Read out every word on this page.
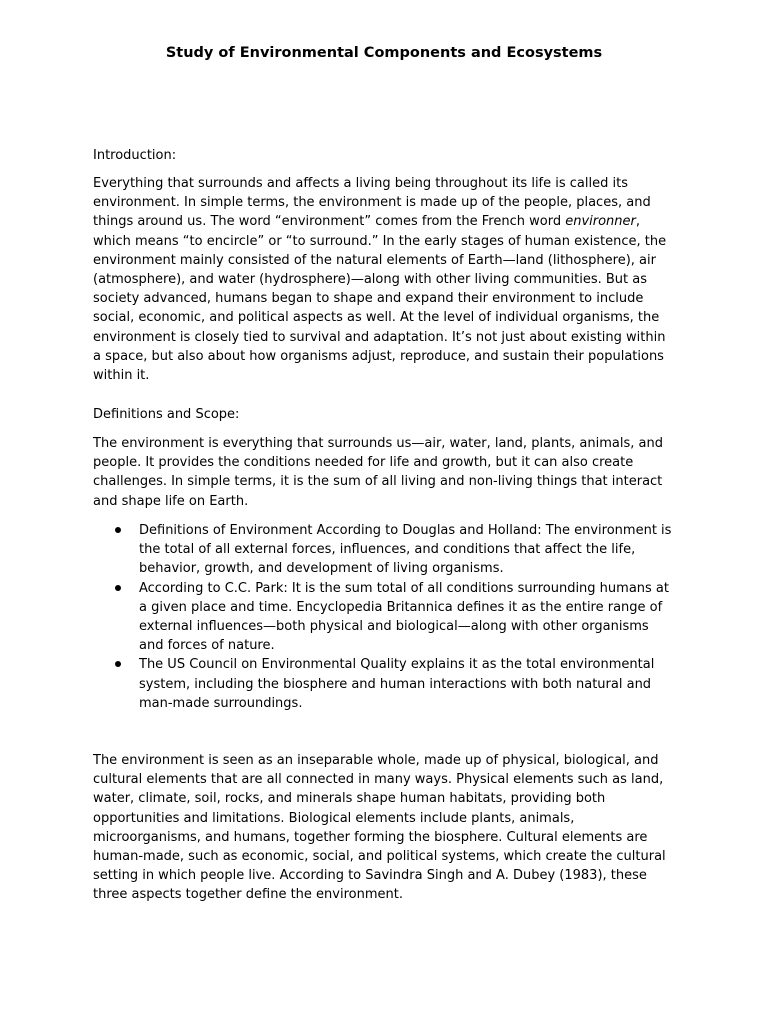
Study of Environmental Components and Ecosystems

Introduction:

Everything that surrounds and affects a living being throughout its life is called its environment. In simple terms, the environment is made up of the people, places, and things around us. The word “environment” comes from the French word environner, which means “to encircle” or “to surround.” In the early stages of human existence, the environment mainly consisted of the natural elements of Earth—land (lithosphere), air (atmosphere), and water (hydrosphere)—along with other living communities. But as society advanced, humans began to shape and expand their environment to include social, economic, and political aspects as well. At the level of individual organisms, the environment is closely tied to survival and adaptation. It’s not just about existing within a space, but also about how organisms adjust, reproduce, and sustain their populations within it.

Definitions and Scope:

The environment is everything that surrounds us—air, water, land, plants, animals, and people. It provides the conditions needed for life and growth, but it can also create challenges. In simple terms, it is the sum of all living and non-living things that interact and shape life on Earth.

Definitions of Environment According to Douglas and Holland: The environment is the total of all external forces, influences, and conditions that affect the life, behavior, growth, and development of living organisms.
According to C.C. Park: It is the sum total of all conditions surrounding humans at a given place and time. Encyclopedia Britannica defines it as the entire range of external influences—both physical and biological—along with other organisms and forces of nature.
The US Council on Environmental Quality explains it as the total environmental system, including the biosphere and human interactions with both natural and man-made surroundings.

The environment is seen as an inseparable whole, made up of physical, biological, and cultural elements that are all connected in many ways. Physical elements such as land, water, climate, soil, rocks, and minerals shape human habitats, providing both opportunities and limitations. Biological elements include plants, animals, microorganisms, and humans, together forming the biosphere. Cultural elements are human-made, such as economic, social, and political systems, which create the cultural setting in which people live. According to Savindra Singh and A. Dubey (1983), these three aspects together define the environment.
